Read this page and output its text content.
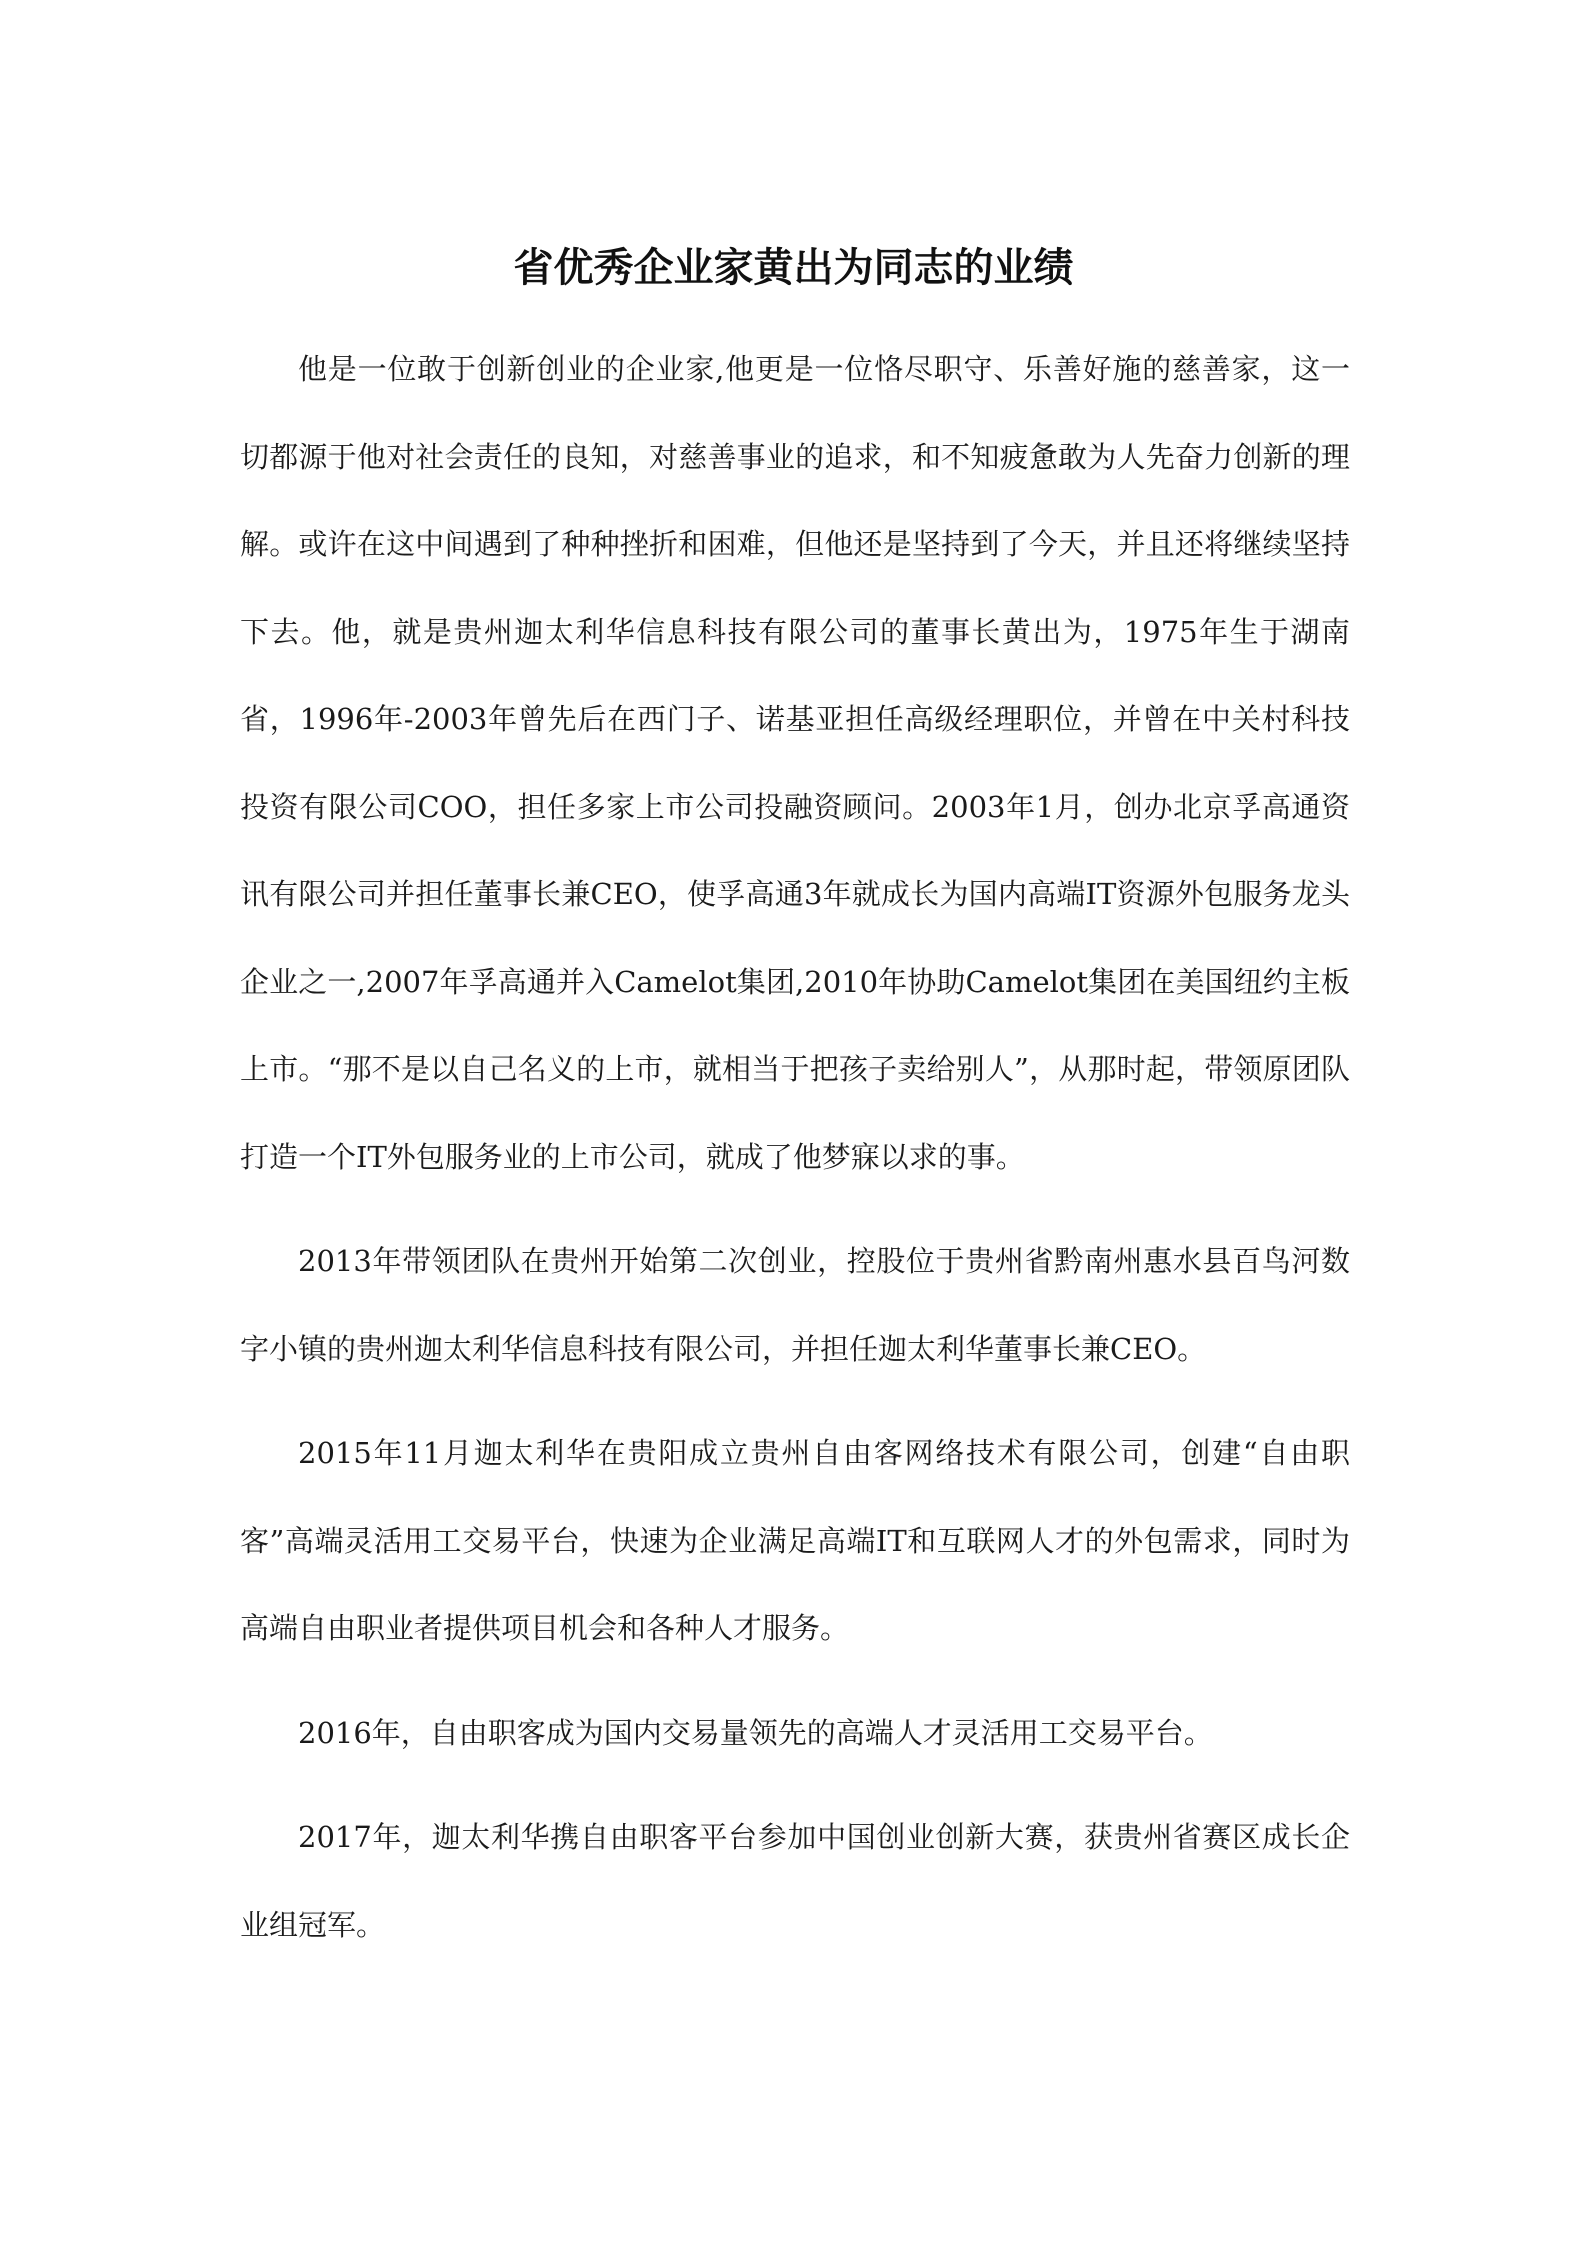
省优秀企业家黄出为同志的业绩

他是一位敢于创新创业的企业家,他更是一位恪尽职守、乐善好施的慈善家，这一切都源于他对社会责任的良知，对慈善事业的追求，和不知疲惫敢为人先奋力创新的理解。或许在这中间遇到了种种挫折和困难，但他还是坚持到了今天，并且还将继续坚持下去。他，就是贵州迦太利华信息科技有限公司的董事长黄出为，1975年生于湖南省，1996年-2003年曾先后在西门子、诺基亚担任高级经理职位，并曾在中关村科技投资有限公司COO，担任多家上市公司投融资顾问。2003年1月，创办北京孚高通资讯有限公司并担任董事长兼CEO，使孚高通3年就成长为国内高端IT资源外包服务龙头企业之一,2007年孚高通并入Camelot集团,2010年协助Camelot集团在美国纽约主板上市。“那不是以自己名义的上市，就相当于把孩子卖给别人”，从那时起，带领原团队打造一个IT外包服务业的上市公司，就成了他梦寐以求的事。

2013年带领团队在贵州开始第二次创业，控股位于贵州省黔南州惠水县百鸟河数字小镇的贵州迦太利华信息科技有限公司，并担任迦太利华董事长兼CEO。

2015年11月迦太利华在贵阳成立贵州自由客网络技术有限公司，创建“自由职客”高端灵活用工交易平台，快速为企业满足高端IT和互联网人才的外包需求，同时为高端自由职业者提供项目机会和各种人才服务。

2016年，自由职客成为国内交易量领先的高端人才灵活用工交易平台。

2017年，迦太利华携自由职客平台参加中国创业创新大赛，获贵州省赛区成长企业组冠军。
